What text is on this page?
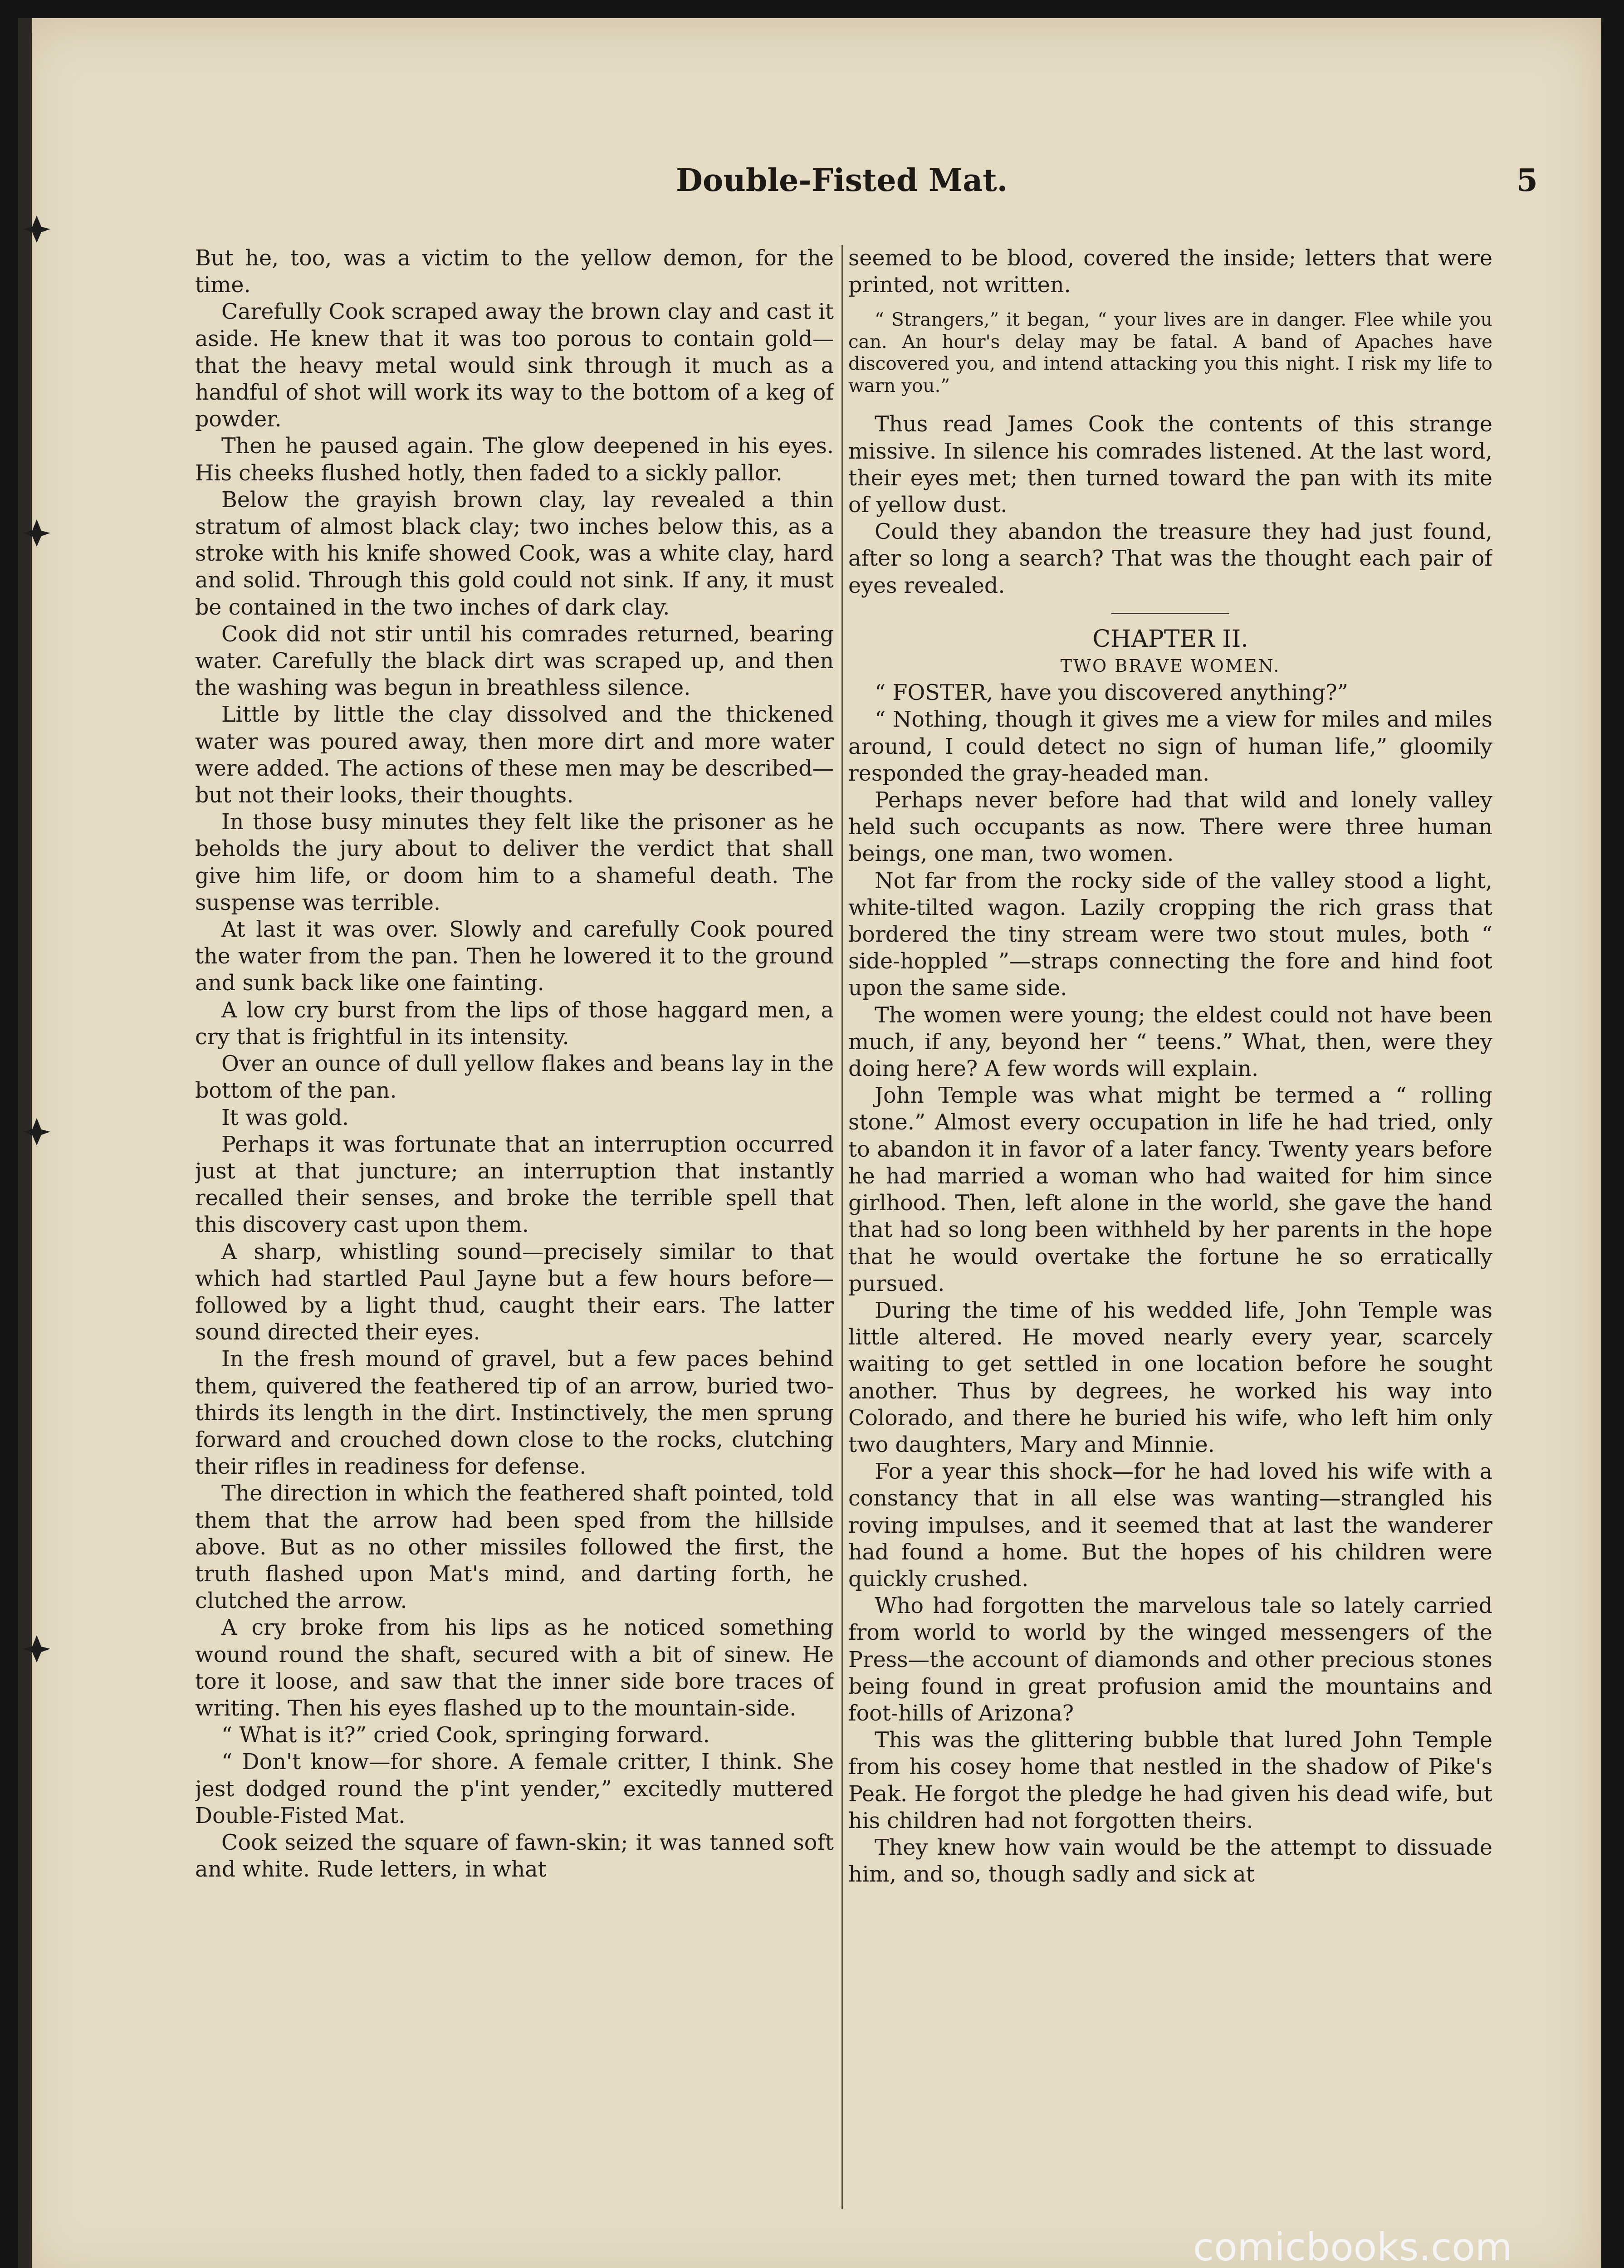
Double-Fisted Mat.	5

But he, too, was a victim to the yellow demon, for the time.

Carefully Cook scraped away the brown clay and cast it aside. He knew that it was too porous to contain gold—that the heavy metal would sink through it much as a handful of shot will work its way to the bottom of a keg of powder.

Then he paused again. The glow deepened in his eyes. His cheeks flushed hotly, then faded to a sickly pallor.

Below the grayish brown clay, lay revealed a thin stratum of almost black clay; two inches below this, as a stroke with his knife showed Cook, was a white clay, hard and solid. Through this gold could not sink. If any, it must be contained in the two inches of dark clay.

Cook did not stir until his comrades returned, bearing water. Carefully the black dirt was scraped up, and then the washing was begun in breathless silence.

Little by little the clay dissolved and the thickened water was poured away, then more dirt and more water were added. The actions of these men may be described—but not their looks, their thoughts.

In those busy minutes they felt like the prisoner as he beholds the jury about to deliver the verdict that shall give him life, or doom him to a shameful death. The suspense was terrible.

At last it was over. Slowly and carefully Cook poured the water from the pan. Then he lowered it to the ground and sunk back like one fainting.

A low cry burst from the lips of those haggard men, a cry that is frightful in its intensity.

Over an ounce of dull yellow flakes and beans lay in the bottom of the pan.

It was gold.

Perhaps it was fortunate that an interruption occurred just at that juncture; an interruption that instantly recalled their senses, and broke the terrible spell that this discovery cast upon them.

A sharp, whistling sound—precisely similar to that which had startled Paul Jayne but a few hours before—followed by a light thud, caught their ears. The latter sound directed their eyes.

In the fresh mound of gravel, but a few paces behind them, quivered the feathered tip of an arrow, buried two-thirds its length in the dirt. Instinctively, the men sprung forward and crouched down close to the rocks, clutching their rifles in readiness for defense.

The direction in which the feathered shaft pointed, told them that the arrow had been sped from the hillside above. But as no other missiles followed the first, the truth flashed upon Mat's mind, and darting forth, he clutched the arrow.

A cry broke from his lips as he noticed something wound round the shaft, secured with a bit of sinew. He tore it loose, and saw that the inner side bore traces of writing. Then his eyes flashed up to the mountain-side.

“ What is it?” cried Cook, springing forward.

“ Don't know—for shore. A female critter, I think. She jest dodged round the p'int yender,” excitedly muttered Double-Fisted Mat.

Cook seized the square of fawn-skin; it was tanned soft and white. Rude letters, in what

seemed to be blood, covered the inside; letters that were printed, not written.

“ Strangers,” it began, “ your lives are in danger. Flee while you can. An hour's delay may be fatal. A band of Apaches have discovered you, and intend attacking you this night. I risk my life to warn you.”

Thus read James Cook the contents of this strange missive. In silence his comrades listened. At the last word, their eyes met; then turned toward the pan with its mite of yellow dust.

Could they abandon the treasure they had just found, after so long a search? That was the thought each pair of eyes revealed.

CHAPTER II.

TWO BRAVE WOMEN.

“ FOSTER, have you discovered anything?”

“ Nothing, though it gives me a view for miles and miles around, I could detect no sign of human life,” gloomily responded the gray-headed man.

Perhaps never before had that wild and lonely valley held such occupants as now. There were three human beings, one man, two women.

Not far from the rocky side of the valley stood a light, white-tilted wagon. Lazily cropping the rich grass that bordered the tiny stream were two stout mules, both “ side-hoppled ”—straps connecting the fore and hind foot upon the same side.

The women were young; the eldest could not have been much, if any, beyond her “ teens.” What, then, were they doing here? A few words will explain.

John Temple was what might be termed a “ rolling stone.” Almost every occupation in life he had tried, only to abandon it in favor of a later fancy. Twenty years before he had married a woman who had waited for him since girlhood. Then, left alone in the world, she gave the hand that had so long been withheld by her parents in the hope that he would overtake the fortune he so erratically pursued.

During the time of his wedded life, John Temple was little altered. He moved nearly every year, scarcely waiting to get settled in one location before he sought another. Thus by degrees, he worked his way into Colorado, and there he buried his wife, who left him only two daughters, Mary and Minnie.

For a year this shock—for he had loved his wife with a constancy that in all else was wanting—strangled his roving impulses, and it seemed that at last the wanderer had found a home. But the hopes of his children were quickly crushed.

Who had forgotten the marvelous tale so lately carried from world to world by the winged messengers of the Press—the account of diamonds and other precious stones being found in great profusion amid the mountains and foot-hills of Arizona?

This was the glittering bubble that lured John Temple from his cosey home that nestled in the shadow of Pike's Peak. He forgot the pledge he had given his dead wife, but his children had not forgotten theirs.

They knew how vain would be the attempt to dissuade him, and so, though sadly and sick at

comicbooks.com
